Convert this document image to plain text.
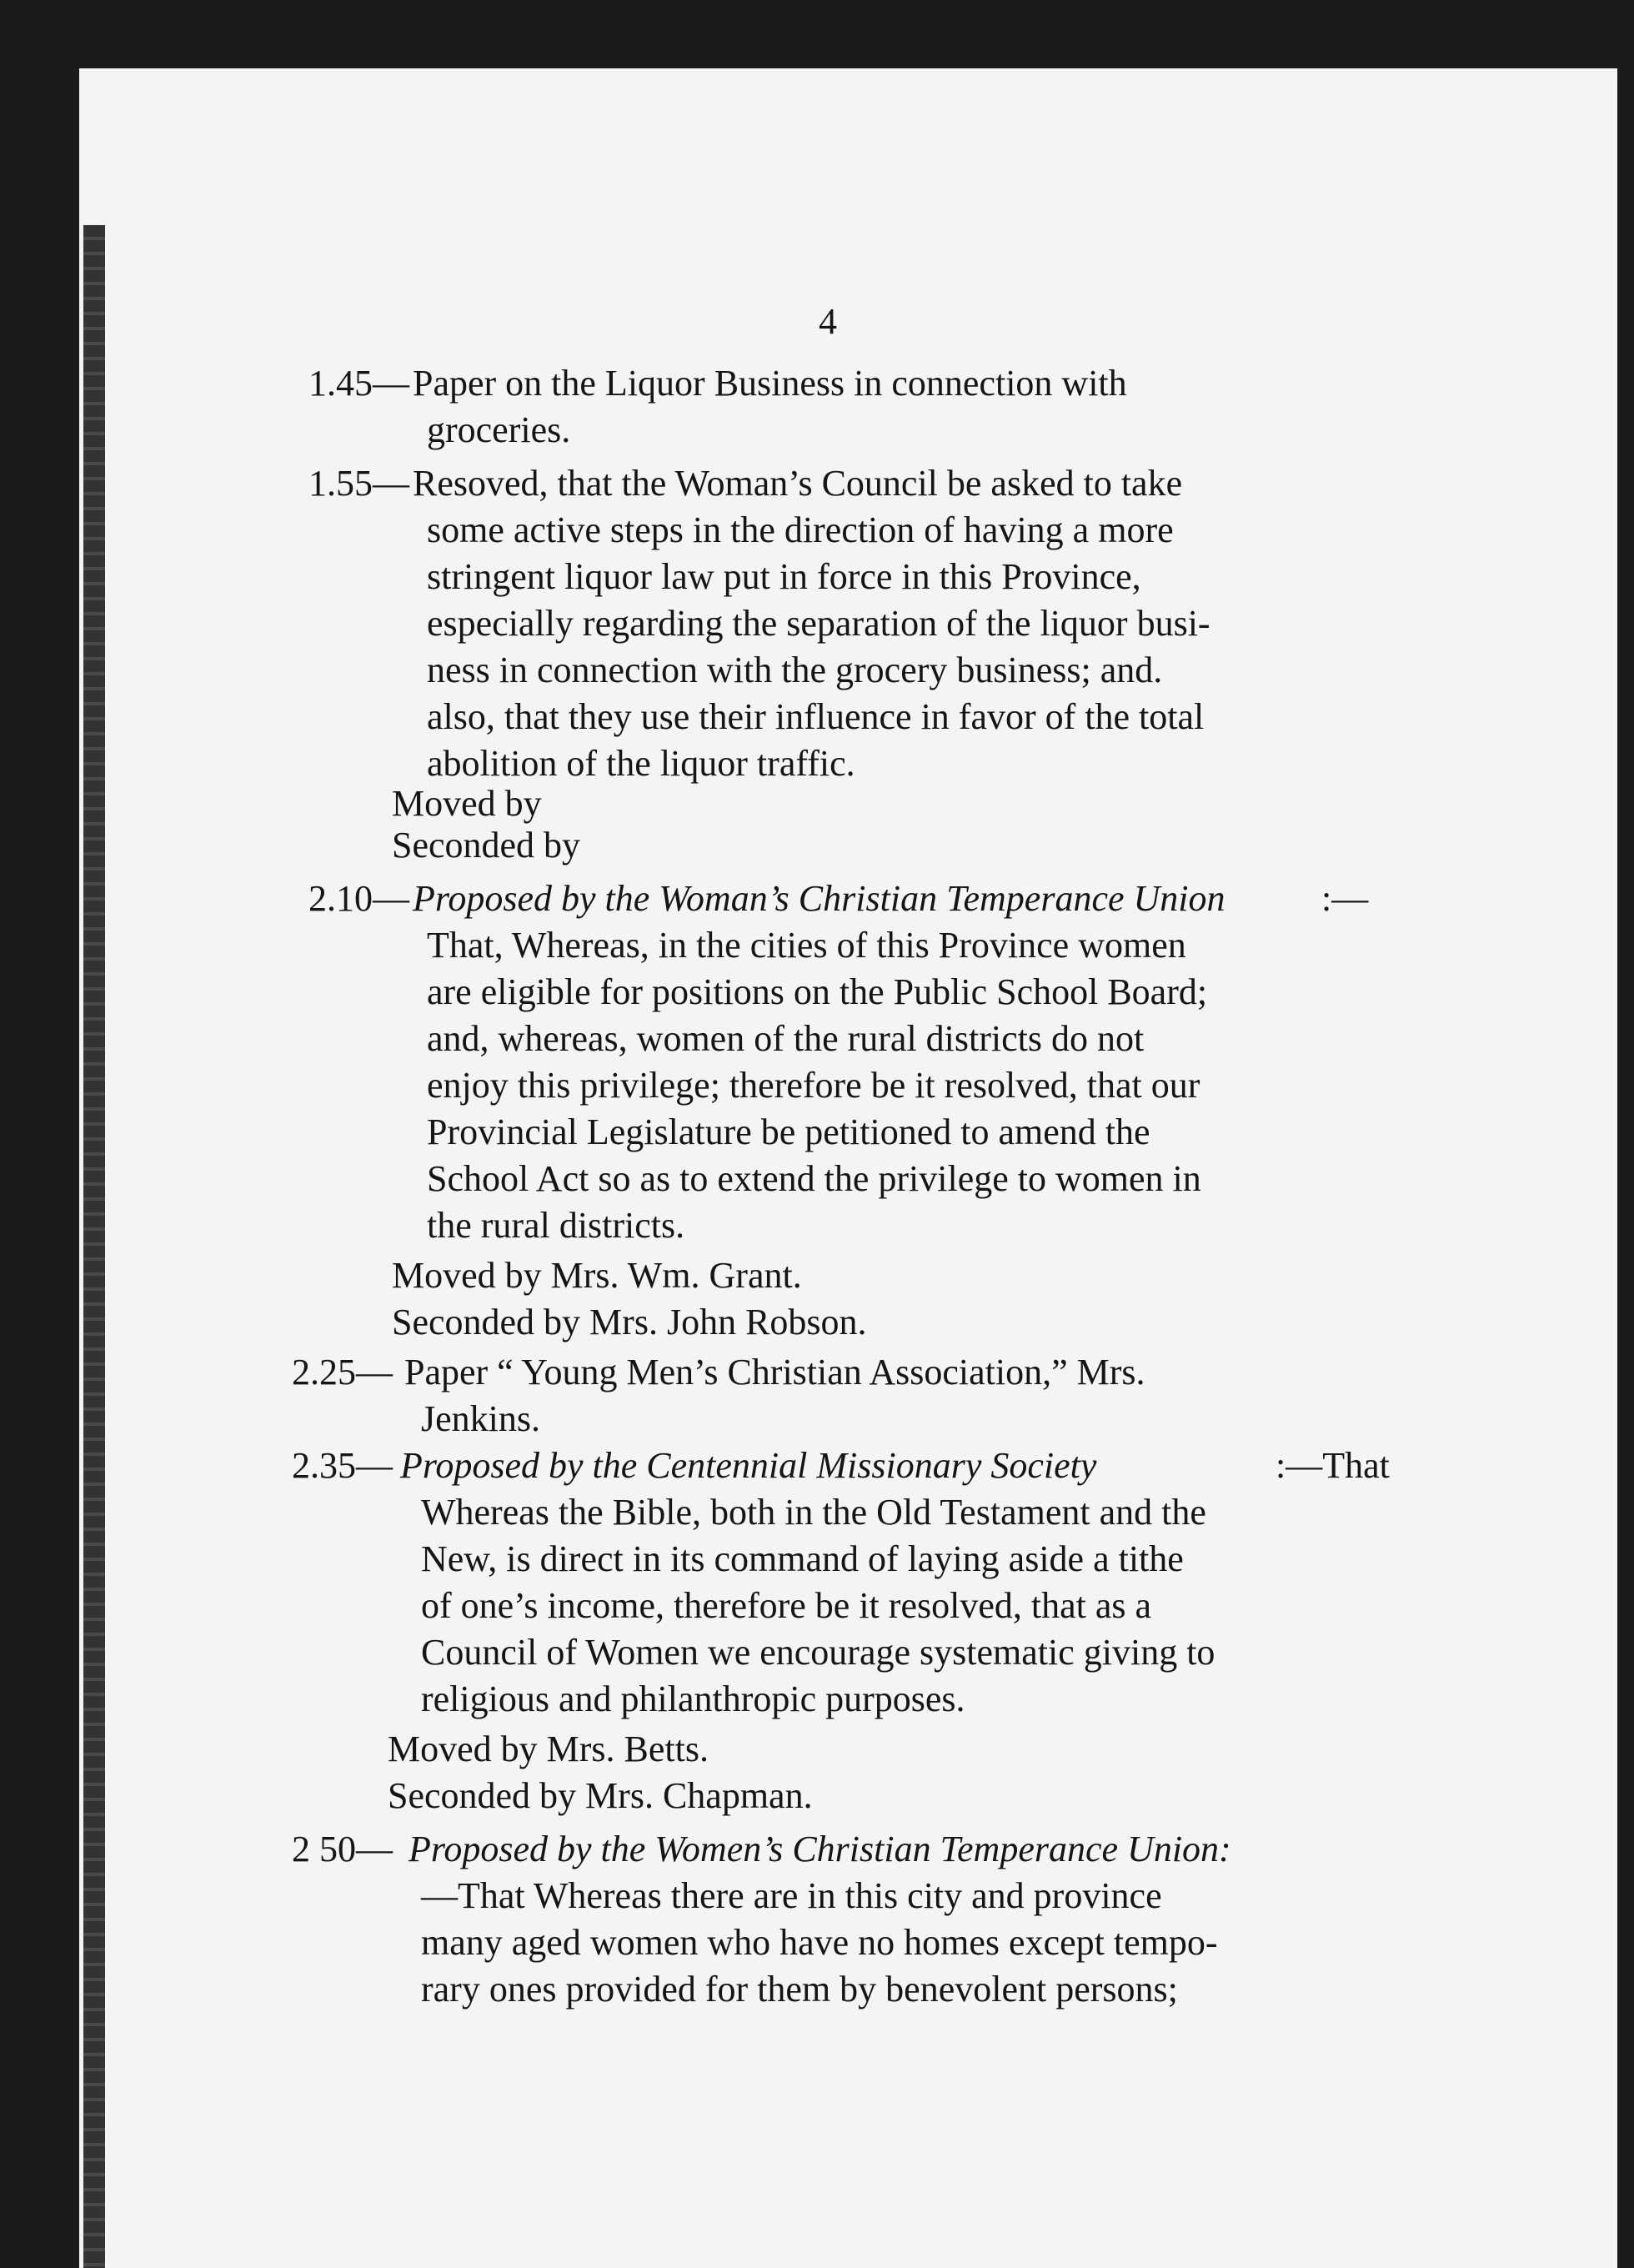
4
1.45— Paper on the Liquor Business in connection with
groceries.
1.55— Resoved, that the Woman’s Council be asked to take
some active steps in the direction of having a more
stringent liquor law put in force in this Province,
especially regarding the separation of the liquor busi-
ness in connection with the grocery business; and.
also, that they use their influence in favor of the total
abolition of the liquor traffic.
Moved by
Seconded by
2.10— Proposed by the Woman’s Christian Temperance Union	:—
That, Whereas, in the cities of this Province women
are eligible for positions on the Public School Board;
and, whereas, women of the rural districts do not
enjoy this privilege; therefore be it resolved, that our
Provincial Legislature be petitioned to amend the
School Act so as to extend the privilege to women in
the rural districts.
Moved by Mrs. Wm. Grant.
Seconded by Mrs. John Robson.
2.25— Paper “ Young Men’s Christian Association,” Mrs.
Jenkins.
2.35— Proposed by the Centennial Missionary Society	:—That
Whereas the Bible, both in the Old Testament and the
New, is direct in its command of laying aside a tithe
of one’s income, therefore be it resolved, that as a
Council of Women we encourage systematic giving to
religious and philanthropic purposes.
Moved by Mrs. Betts.
Seconded by Mrs. Chapman.
2 50— Proposed by the Women’s Christian Temperance Union:
—That Whereas there are in this city and province
many aged women who have no homes except tempo-
rary ones provided for them by benevolent persons;
